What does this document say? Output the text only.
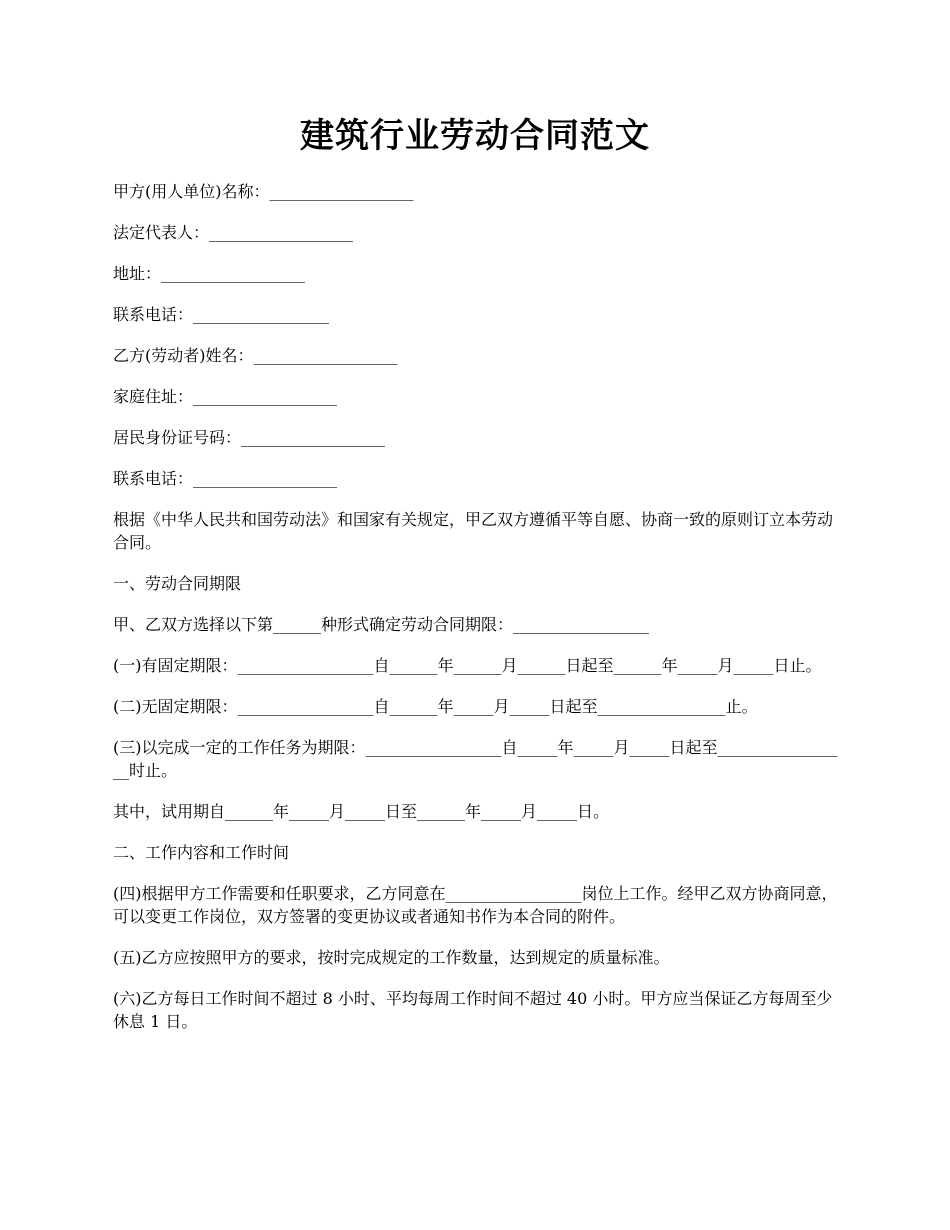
建筑行业劳动合同范文

甲方(用人单位)名称：__________________

法定代表人：__________________

地址：__________________

联系电话：_________________

乙方(劳动者)姓名：__________________

家庭住址：__________________

居民身份证号码：__________________

联系电话：__________________

根据《中华人民共和国劳动法》和国家有关规定，甲乙双方遵循平等自愿、协商一致的原则订立本劳动合同。

一、劳动合同期限

甲、乙双方选择以下第______种形式确定劳动合同期限：_________________

(一)有固定期限：_________________自______年______月______日起至______年_____月_____日止。

(二)无固定期限：_________________自______年_____月_____日起至________________止。

(三)以完成一定的工作任务为期限：_________________自_____年_____月_____日起至_________________时止。

其中，试用期自______年_____月_____日至______年_____月_____日。

二、工作内容和工作时间

(四)根据甲方工作需要和任职要求，乙方同意在_________________岗位上工作。经甲乙双方协商同意，可以变更工作岗位，双方签署的变更协议或者通知书作为本合同的附件。

(五)乙方应按照甲方的要求，按时完成规定的工作数量，达到规定的质量标准。

(六)乙方每日工作时间不超过 8 小时、平均每周工作时间不超过 40 小时。甲方应当保证乙方每周至少休息 1 日。
